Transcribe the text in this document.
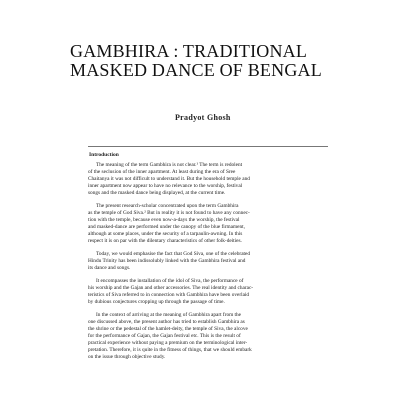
GAMBHIRA : TRADITIONAL
MASKED DANCE OF BENGAL
Pradyot Ghosh
Introduction

The meaning of the term Gambhira is not clear.¹ The term is redolent
of the seclusion of the inner apartment. At least during the era of Sree
Chaitanya it was not difficult to understand it. But the household temple and
inner apartment now appear to have no relevance to the worship, festival
songs and the masked dance being displayed, at the current time.

The present research-scholar concentrated upon the term Gambhira
as the temple of God Siva.² But in reality it is not found to have any connec-
tion with the temple, because even now-a-days the worship, the festival
and masked-dance are performed under the canopy of the blue firmament,
although at some places, under the security of a tarpaulin-awning. In this
respect it is on par with the dilentary characteristics of other folk-deities.

Today, we would emphasise the fact that God Siva, one of the celebrated
Hindu Trinity has been indissolubly linked with the Gambhira festival and
its dance and songs.

It encompasses the installation of the idol of Siva, the performance of
his worship and the Gajan and other accessories. The real identity and charac-
teristics of Siva referred to in connection with Gambhira have been overlaid
by dubious conjectures cropping up through the passage of time.

In the context of arriving at the meaning of Gambhira apart from the
one discussed above, the present author has tried to establish Gambhira as
the shrine or the pedestal of the hamlet-deity, the temple of Siva, the alcove
for the performance of Gajan, the Gajan festival etc. This is the result of
practical experience without paying a premium on the terminological inter-
pretation. Therefore, it is quite in the fitness of things, that we should embark
on the issue through objective study.
